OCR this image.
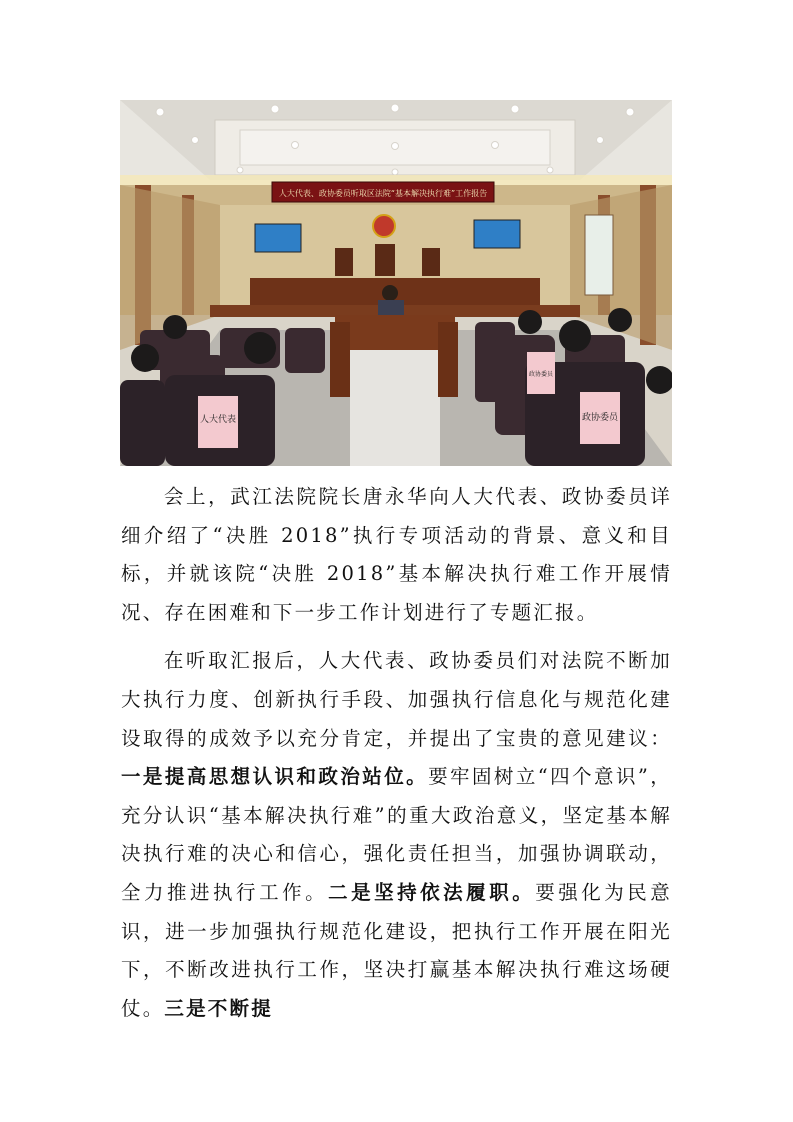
人大代表、政协委员听取区法院“基本解决执行难”工作报告
人大代表
政协委员
政协委员

会上，武江法院院长唐永华向人大代表、政协委员详细介绍了“决胜 2018”执行专项活动的背景、意义和目标，并就该院“决胜 2018”基本解决执行难工作开展情况、存在困难和下一步工作计划进行了专题汇报。

在听取汇报后，人大代表、政协委员们对法院不断加大执行力度、创新执行手段、加强执行信息化与规范化建设取得的成效予以充分肯定，并提出了宝贵的意见建议：一是提高思想认识和政治站位。要牢固树立“四个意识”，充分认识“基本解决执行难”的重大政治意义，坚定基本解决执行难的决心和信心，强化责任担当，加强协调联动，全力推进执行工作。二是坚持依法履职。要强化为民意识，进一步加强执行规范化建设，把执行工作开展在阳光下，不断改进执行工作，坚决打赢基本解决执行难这场硬仗。三是不断提
